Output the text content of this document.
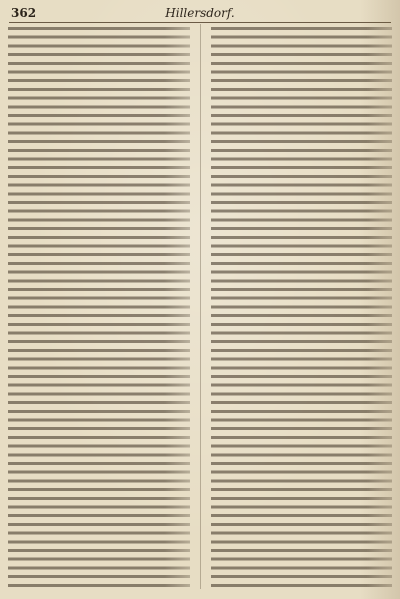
362	Hillersdorf.
